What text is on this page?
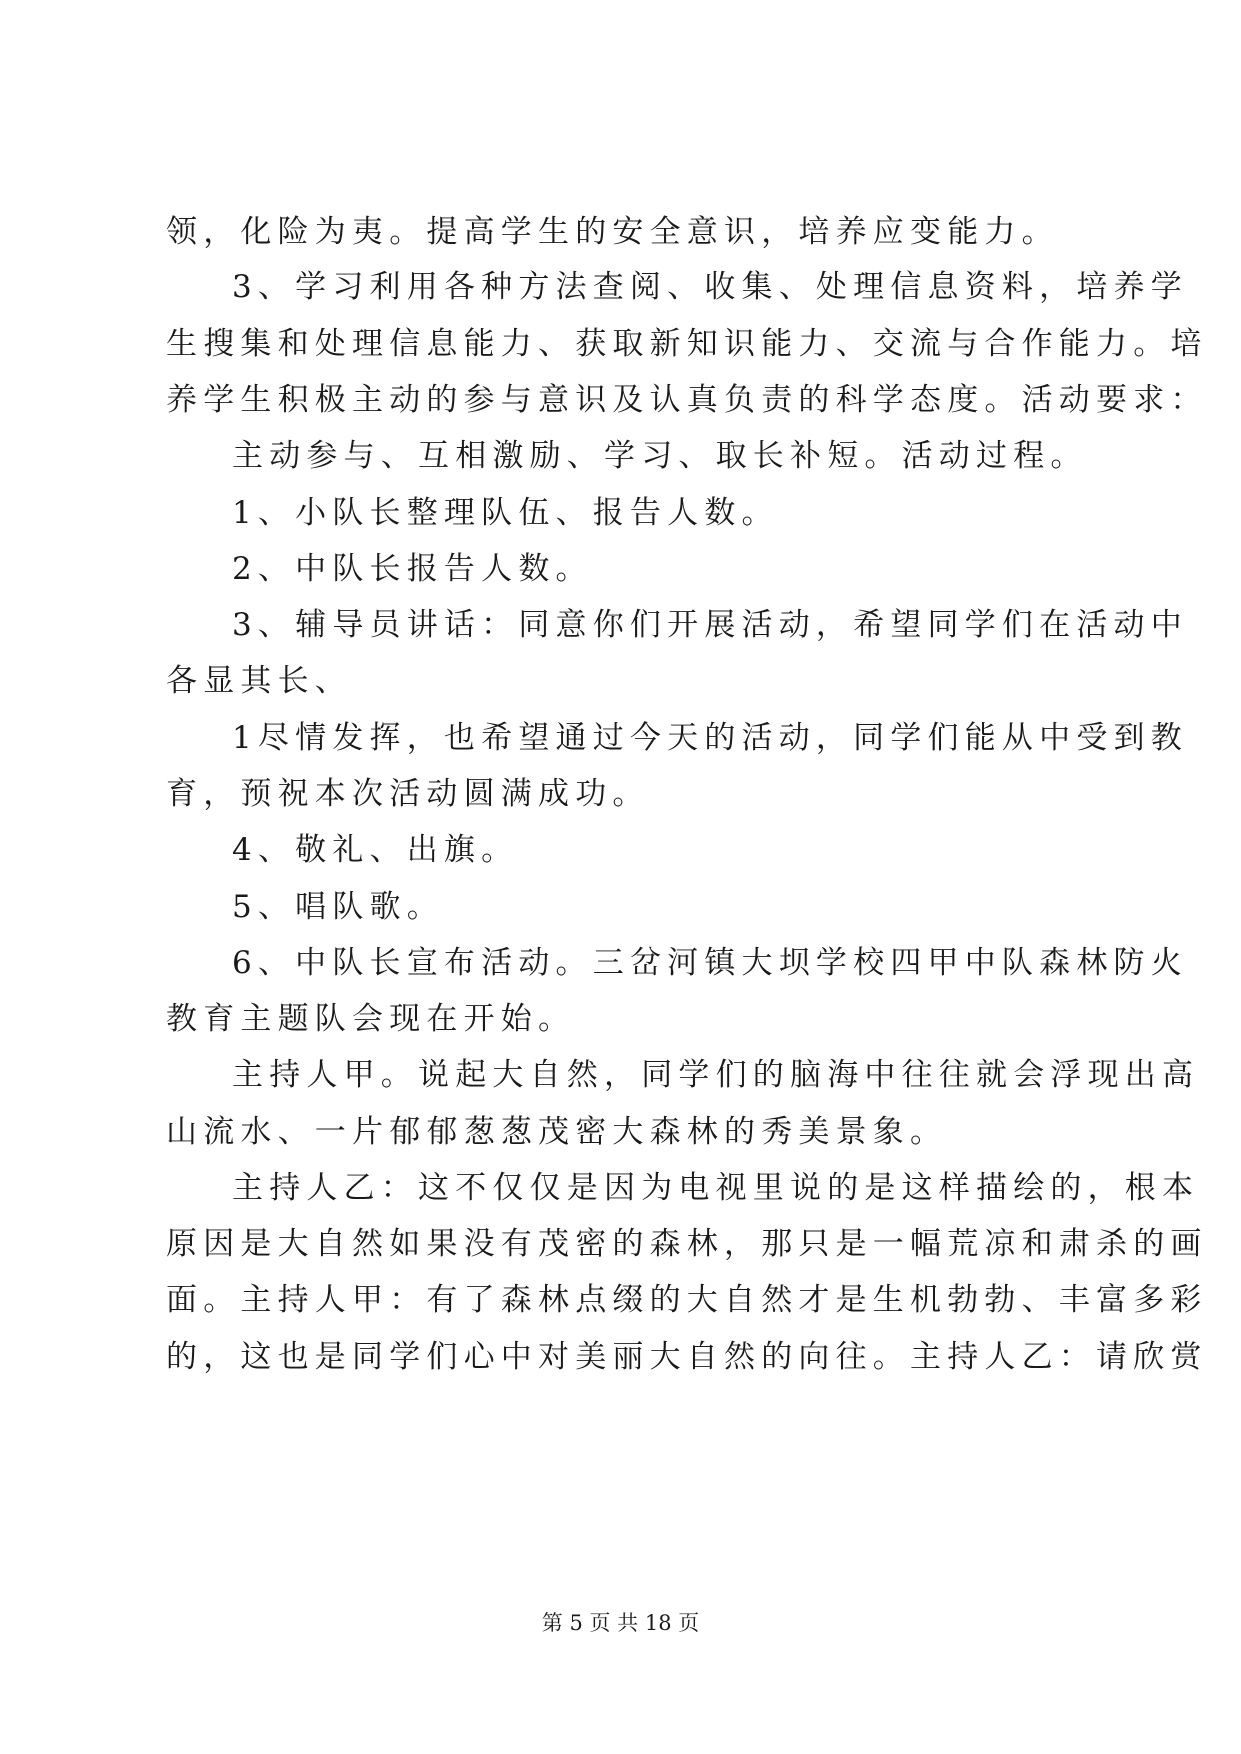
领，化险为夷。提高学生的安全意识，培养应变能力。
3、学习利用各种方法查阅、收集、处理信息资料，培养学
生搜集和处理信息能力、获取新知识能力、交流与合作能力。培
养学生积极主动的参与意识及认真负责的科学态度。活动要求：
主动参与、互相激励、学习、取长补短。活动过程。
1、小队长整理队伍、报告人数。
2、中队长报告人数。
3、辅导员讲话：同意你们开展活动，希望同学们在活动中
各显其长、
1尽情发挥，也希望通过今天的活动，同学们能从中受到教
育，预祝本次活动圆满成功。
4、敬礼、出旗。
5、唱队歌。
6、中队长宣布活动。三岔河镇大坝学校四甲中队森林防火
教育主题队会现在开始。
主持人甲。说起大自然，同学们的脑海中往往就会浮现出高
山流水、一片郁郁葱葱茂密大森林的秀美景象。
主持人乙：这不仅仅是因为电视里说的是这样描绘的，根本
原因是大自然如果没有茂密的森林，那只是一幅荒凉和肃杀的画
面。主持人甲：有了森林点缀的大自然才是生机勃勃、丰富多彩
的，这也是同学们心中对美丽大自然的向往。主持人乙：请欣赏
第 5 页 共 18 页
